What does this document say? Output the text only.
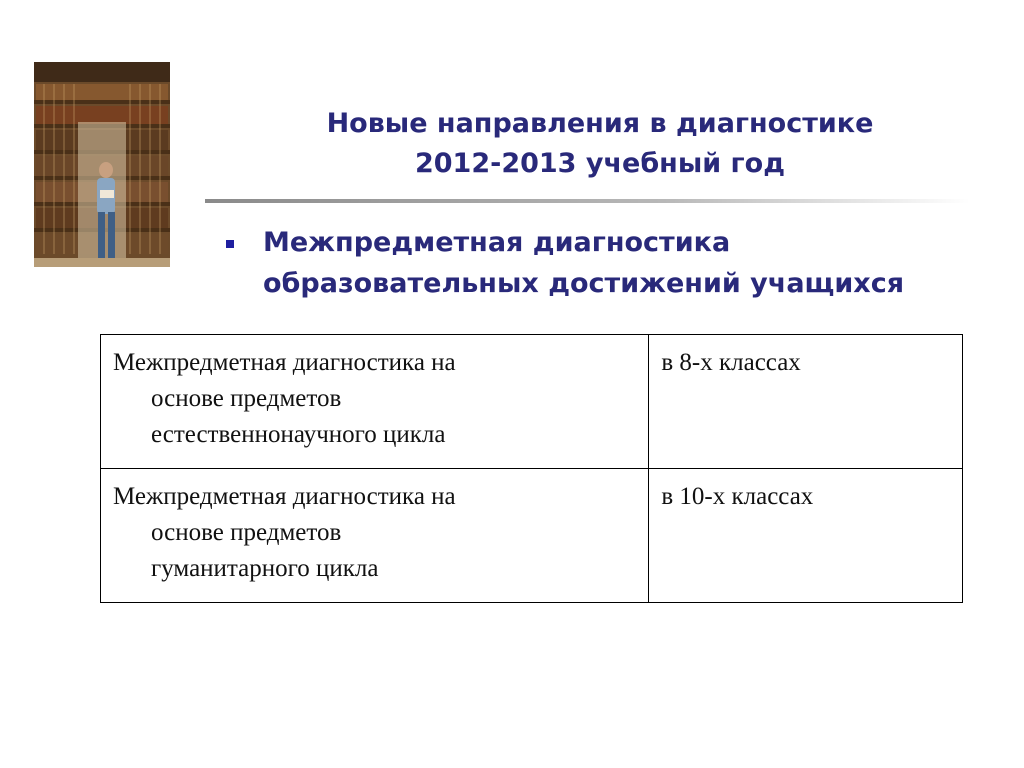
Новые направления в диагностике
2012-2013 учебный год
Межпредметная диагностика
образовательных достижений учащихся
Межпредметная диагностика на
основе предметов
естественнонаучного цикла	в 8-х классах
Межпредметная диагностика на
основе предметов
гуманитарного цикла	в 10-х классах
